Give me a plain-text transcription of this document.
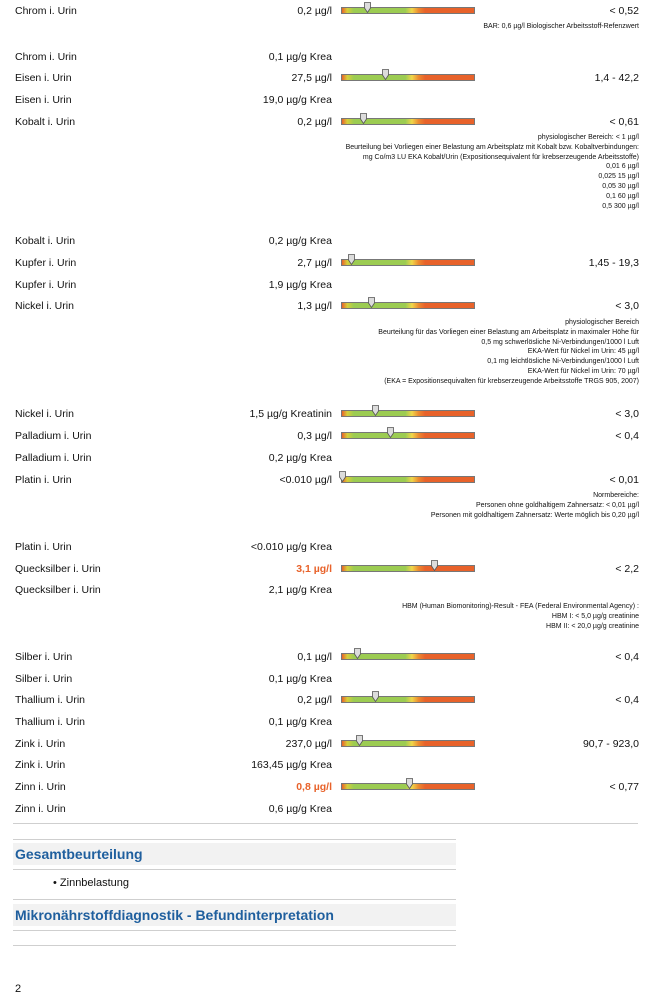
Chrom i. Urin	0,2 µg/l	< 0,52
Chrom i. Urin	0,1 µg/g Krea
Eisen i. Urin	27,5 µg/l	1,4 - 42,2
Eisen i. Urin	19,0 µg/g Krea
Kobalt i. Urin	0,2 µg/l	< 0,61
Kobalt i. Urin	0,2 µg/g Krea
Kupfer i. Urin	2,7 µg/l	1,45 - 19,3
Kupfer i. Urin	1,9 µg/g Krea
Nickel i. Urin	1,3 µg/l	< 3,0
Nickel i. Urin	1,5 µg/g Kreatinin	< 3,0
Palladium i. Urin	0,3 µg/l	< 0,4
Palladium i. Urin	0,2 µg/g Krea
Platin i. Urin	<0.010 µg/l	< 0,01
Platin i. Urin	<0.010 µg/g Krea
Quecksilber i. Urin	3,1 µg/l	< 2,2
Quecksilber i. Urin	2,1 µg/g Krea
Silber i. Urin	0,1 µg/l	< 0,4
Silber i. Urin	0,1 µg/g Krea
Thallium i. Urin	0,2 µg/l	< 0,4
Thallium i. Urin	0,1 µg/g Krea
Zink i. Urin	237,0 µg/l	90,7 - 923,0
Zink i. Urin	163,45 µg/g Krea
Zinn i. Urin	0,8 µg/l	< 0,77
Zinn i. Urin	0,6 µg/g Krea
BAR: 0,6 µg/l Biologischer Arbeitsstoff-Refenzwert
physiologischer Bereich: < 1 µg/l
Beurteilung bei Vorliegen einer Belastung am Arbeitsplatz mit Kobalt bzw. Kobaltverbindungen:
mg Co/m3 LU EKA Kobalt/Urin (Expositionsequivalent für krebserzeugende Arbeitsstoffe)
0,01 6 µg/l
0,025 15 µg/l
0,05 30 µg/l
0,1 60 µg/l
0,5 300 µg/l
physiologischer Bereich
Beurteilung für das Vorliegen einer Belastung am Arbeitsplatz in maximaler Höhe für
0,5 mg schwerlösliche Ni-Verbindungen/1000 l Luft
EKA-Wert für Nickel im Urin: 45 µg/l
0,1 mg leichtlösliche Ni-Verbindungen/1000 l Luft
EKA-Wert für Nickel im Urin: 70 µg/l
(EKA = Expositionsequivalten für krebserzeugende Arbeitsstoffe TRGS 905, 2007)
Normbereiche:
Personen ohne goldhaltigem Zahnersatz: < 0,01 µg/l
Personen mit goldhaltigem Zahnersatz: Werte möglich bis 0,20 µg/l
HBM (Human Biomonitoring)-Result - FEA (Federal Environmental Agency) :
HBM I: < 5,0 µg/g creatinine
HBM II: < 20,0 µg/g creatinine
Gesamtbeurteilung
• Zinnbelastung
Mikronährstoffdiagnostik - Befundinterpretation
2
